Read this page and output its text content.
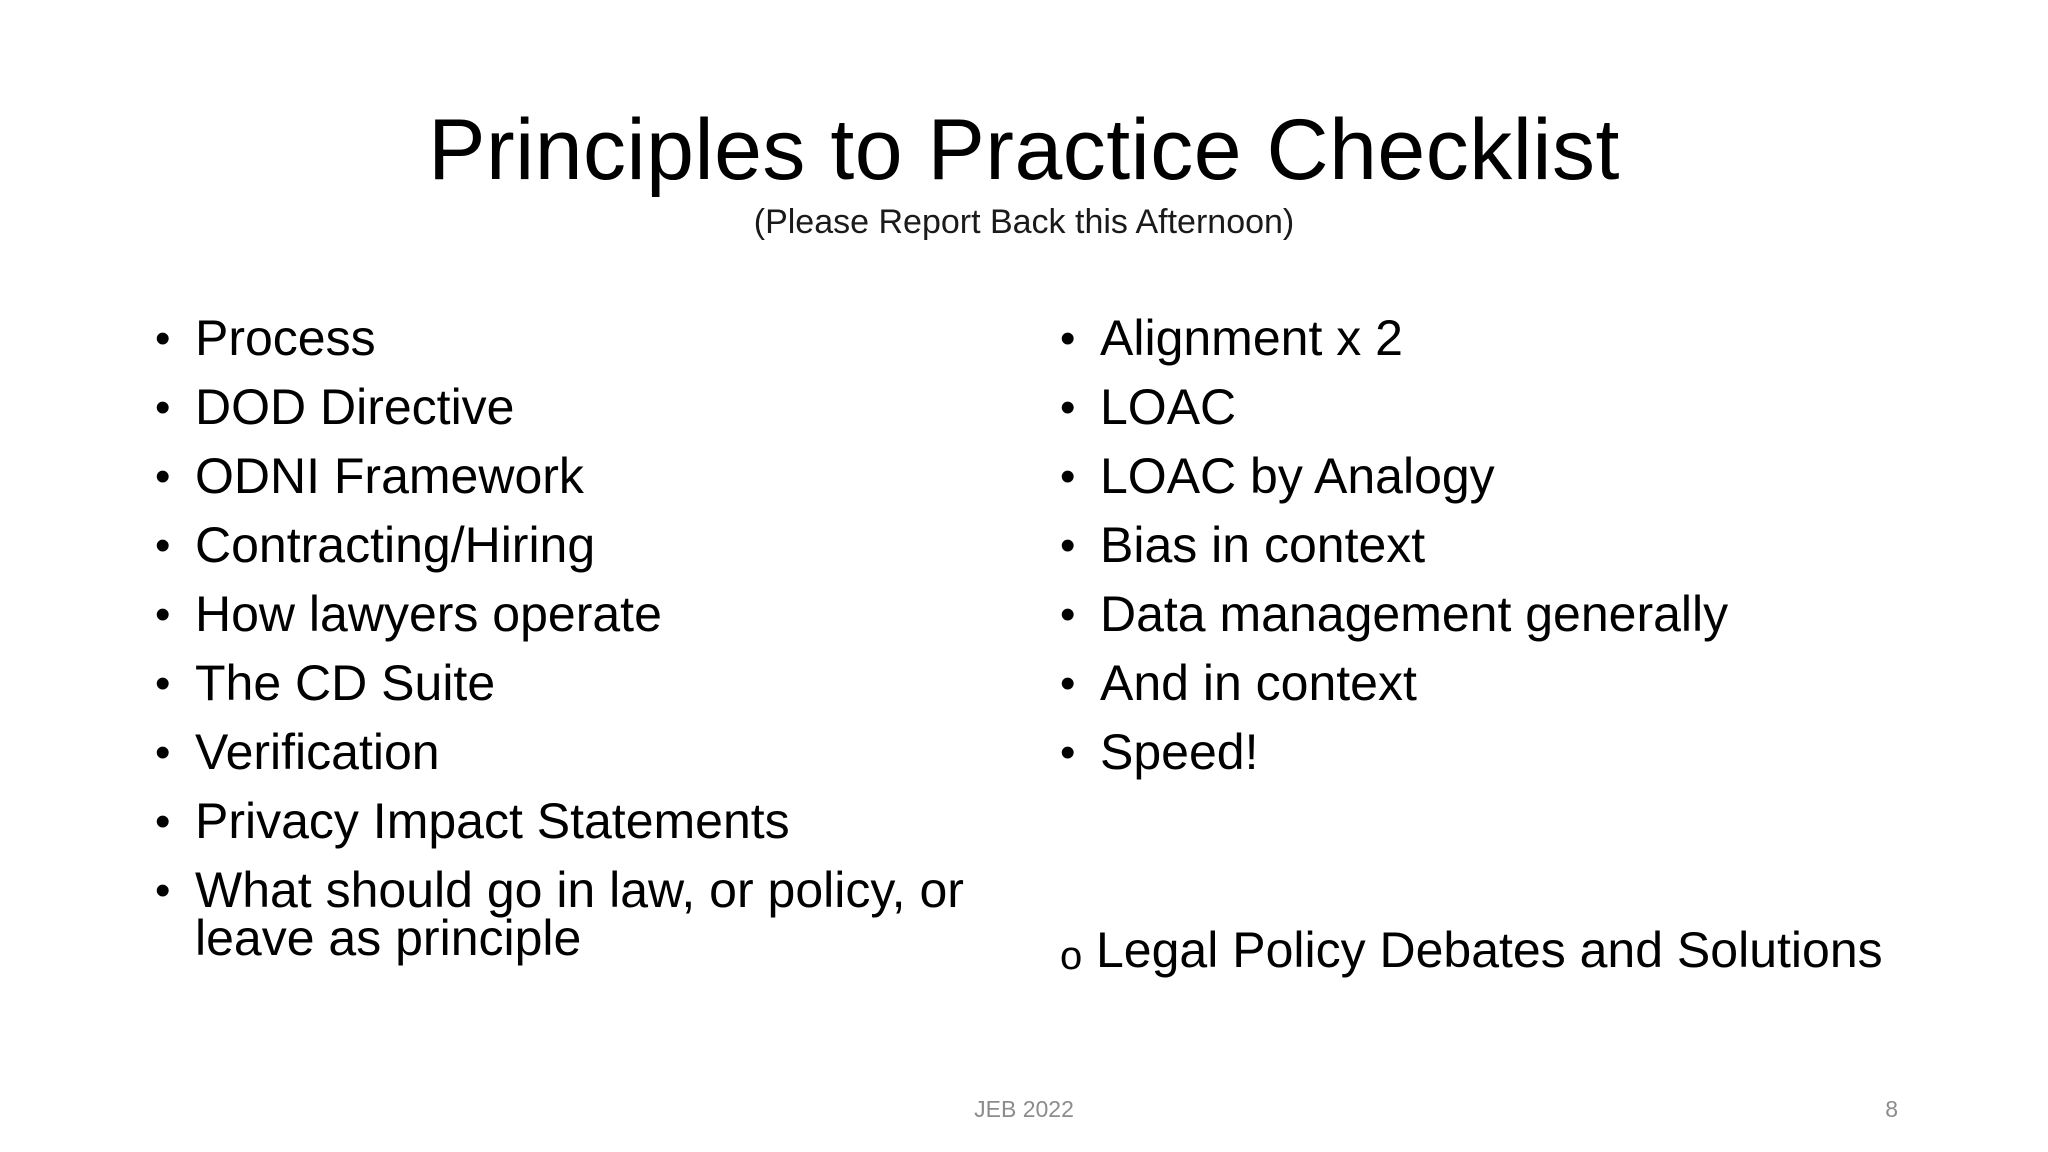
Principles to Practice Checklist
(Please Report Back this Afternoon)
• Process
• DOD Directive
• ODNI Framework
• Contracting/Hiring
• How lawyers operate
• The CD Suite
• Verification
• Privacy Impact Statements
• What should go in law, or policy, or leave as principle
• Alignment x 2
• LOAC
• LOAC by Analogy
• Bias in context
• Data management generally
• And in context
• Speed!
o Legal Policy Debates and Solutions
JEB 2022	8
